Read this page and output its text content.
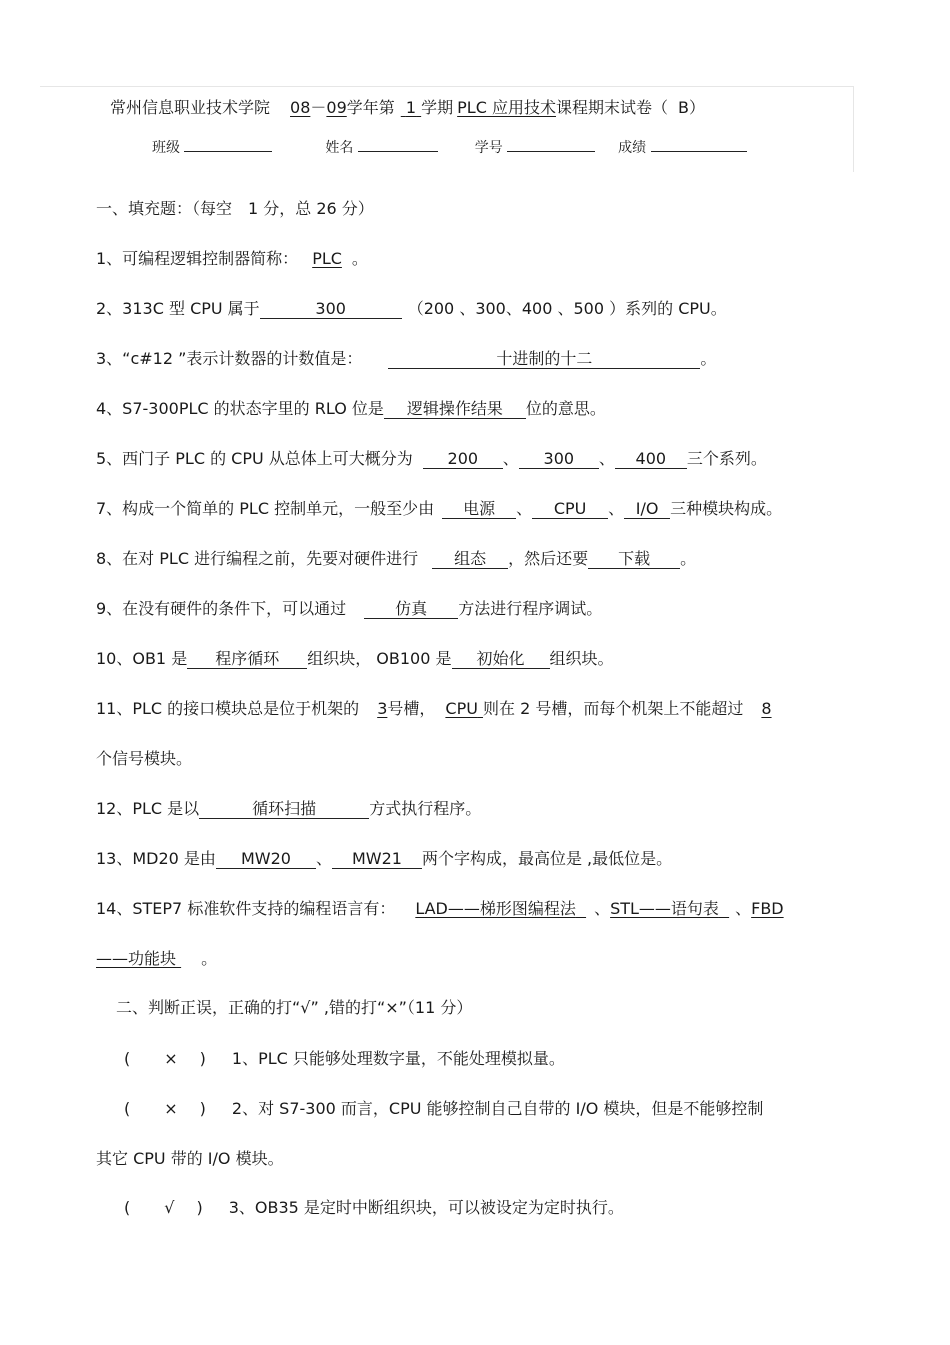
常州信息职业技术学院 08－09学年第 1 学期 PLC 应用技术课程期末试卷（ B）
班级	姓名	学号	成绩
一、填充题：（每空　1 分，总 26 分）
1、可编程逻辑控制器简称： PLC 。
2、313C 型 CPU 属于	300	（200 、300、400 、500 ）系列的 CPU。
3、“c#12 ”表示计数器的计数值是：	十进制的十二	。
4、S7-300PLC 的状态字里的 RLO 位是 逻辑操作结果 位的意思。
5、西门子 PLC 的 CPU 从总体上可大概分为 200 、 300 、 400 三个系列。
7、构成一个简单的 PLC 控制单元，一般至少由 电源 、 CPU 、 I/O 三种模块构成。
8、在对 PLC 进行编程之前，先要对硬件进行 组态 ，然后还要 下载 。
9、在没有硬件的条件下，可以通过	仿真 方法进行程序调试。
10、OB1 是 程序循环 组织块， OB100 是 初始化 组织块。
11、PLC 的接口模块总是位于机架的 3号槽， CPU 则在 2 号槽，而每个机架上不能超过 8
个信号模块。
12、PLC 是以	循环扫描	方式执行程序。
13、MD20 是由 MW20 、 MW21 两个字构成，最高位是 ,最低位是。
14、STEP7 标准软件支持的编程语言有： LAD——梯形图编程法 、STL——语句表 、FBD
——功能块 。
二、判断正误，正确的打“√” ,错的打“×”（11 分）
( × ) 1、PLC 只能够处理数字量，不能处理模拟量。
( × ) 2、对 S7-300 而言，CPU 能够控制自己自带的 I/O 模块，但是不能够控制
其它 CPU 带的 I/O 模块。
( √ ) 3、OB35 是定时中断组织块，可以被设定为定时执行。
